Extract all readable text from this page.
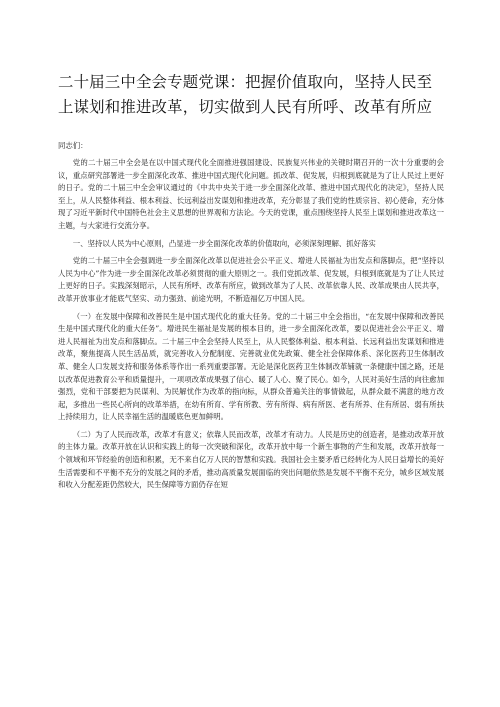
二十届三中全会专题党课：把握价值取向，坚持人民至上谋划和推进改革，切实做到人民有所呼、改革有所应

同志们：

党的二十届三中全会是在以中国式现代化全面推进强国建设、民族复兴伟业的关键时期召开的一次十分重要的会议，重点研究部署进一步全面深化改革、推进中国式现代化问题。抓改革、促发展，归根到底就是为了让人民过上更好的日子。党的二十届三中全会审议通过的《中共中央关于进一步全面深化改革、推进中国式现代化的决定》，坚持人民至上，从人民整体利益、根本利益、长远利益出发谋划和推进改革，充分彰显了我们党的性质宗旨、初心使命，充分体现了习近平新时代中国特色社会主义思想的世界观和方法论。今天的党课，重点围绕坚持人民至上谋划和推进改革这一主题，与大家进行交流分享。

一、坚持以人民为中心原则，凸显进一步全面深化改革的价值取向，必须深刻理解、抓好落实

党的二十届三中全会强调进一步全面深化改革以促进社会公平正义、增进人民福祉为出发点和落脚点，把“坚持以人民为中心”作为进一步全面深化改革必须贯彻的重大原则之一。我们党抓改革、促发展，归根到底就是为了让人民过上更好的日子。实践深刻昭示，人民有所呼、改革有所应，做到改革为了人民、改革依靠人民、改革成果由人民共享，改革开放事业才能底气坚实、动力强劲、前途光明，不断造福亿万中国人民。

（一）在发展中保障和改善民生是中国式现代化的重大任务。党的二十届三中全会指出，“在发展中保障和改善民生是中国式现代化的重大任务”。增进民生福祉是发展的根本目的，进一步全面深化改革，要以促进社会公平正义、增进人民福祉为出发点和落脚点。二十届三中全会坚持人民至上，从人民整体利益、根本利益、长远利益出发谋划和推进改革，聚焦提高人民生活品质，就完善收入分配制度、完善就业优先政策、健全社会保障体系、深化医药卫生体制改革、健全人口发展支持和服务体系等作出一系列重要部署。无论是深化医药卫生体制改革铺就一条健康中国之路，还是以改革促进教育公平和质量提升，一项项改革成果强了信心、暖了人心、聚了民心。如今，人民对美好生活的向往愈加强烈，党和干部要把为民谋利、为民解忧作为改革的指向标，从群众普遍关注的事情做起，从群众最不满意的地方改起，多推出一些民心所向的改革举措，在幼有所育、学有所教、劳有所得、病有所医、老有所养、住有所居、弱有所扶上持续用力，让人民幸福生活的温暖底色更加鲜明。

（二）为了人民而改革，改革才有意义；依靠人民而改革，改革才有动力。人民是历史的创造者，是推动改革开放的主体力量。改革开放在认识和实践上的每一次突破和深化，改革开放中每一个新生事物的产生和发展，改革开放每一个领域和环节经验的创造和积累，无不来自亿万人民的智慧和实践。我国社会主要矛盾已经转化为人民日益增长的美好生活需要和不平衡不充分的发展之间的矛盾，推动高质量发展面临的突出问题依然是发展不平衡不充分，城乡区域发展和收入分配差距仍然较大，民生保障等方面仍存在短
